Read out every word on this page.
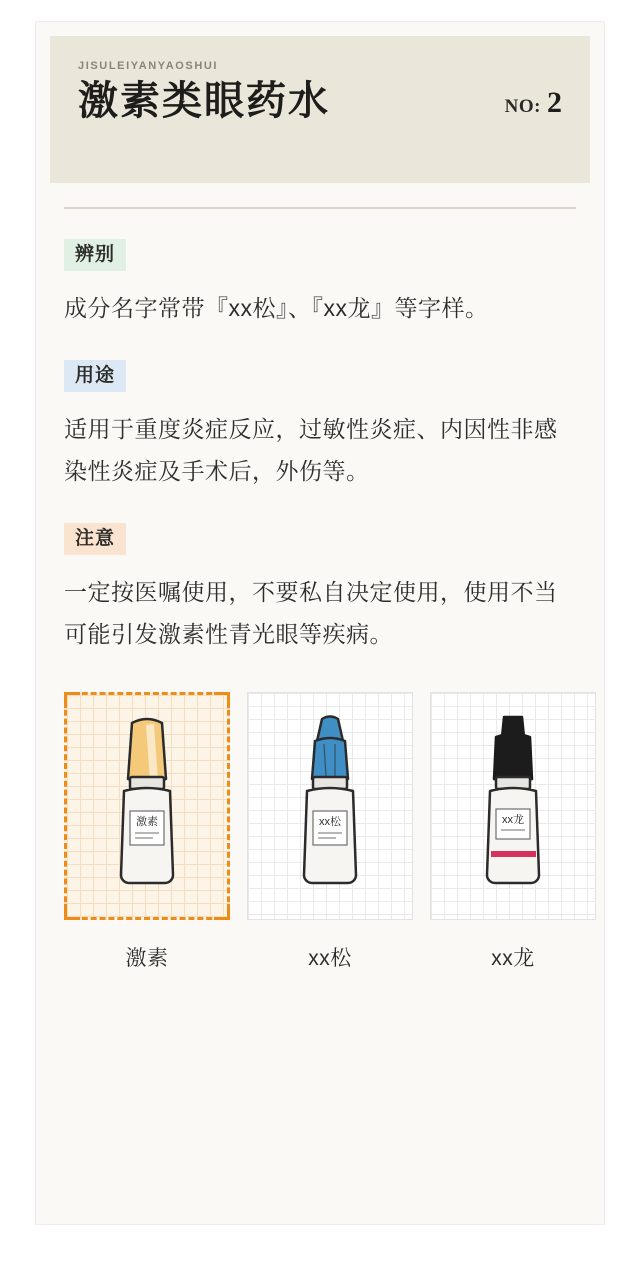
JISULEIYANYAOSHUI
激素类眼药水	NO: 2
辨别
成分名字常带『xx松』、『xx龙』等字样。
用途
适用于重度炎症反应，过敏性炎症、内因性非感染性炎症及手术后，外伤等。
注意
一定按医嘱使用，不要私自决定使用，使用不当可能引发激素性青光眼等疾病。
激素
激素
xx松
xx松
xx龙
xx龙
